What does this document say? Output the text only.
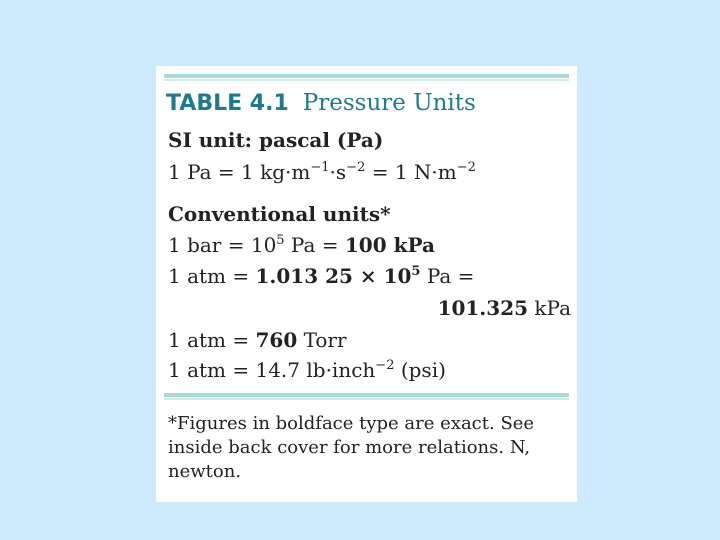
TABLE 4.1 Pressure Units
SI unit: pascal (Pa)
1 Pa = 1 $kg\cdot m^{-1}\cdot s^{-2} = 1$ $N\cdot m^{-2}$
Conventional units*
1 bar = $10^5$ Pa = 100 kPa
1 atm = 1.013 $25 \times 10^5$ Pa =
101.325 kPa
1 atm = 760 Torr
1 atm = 14.7 lb·inch$^{-2}$ (psi)
*Figures in boldface type are exact. See inside back cover for more relations. N, newton.
